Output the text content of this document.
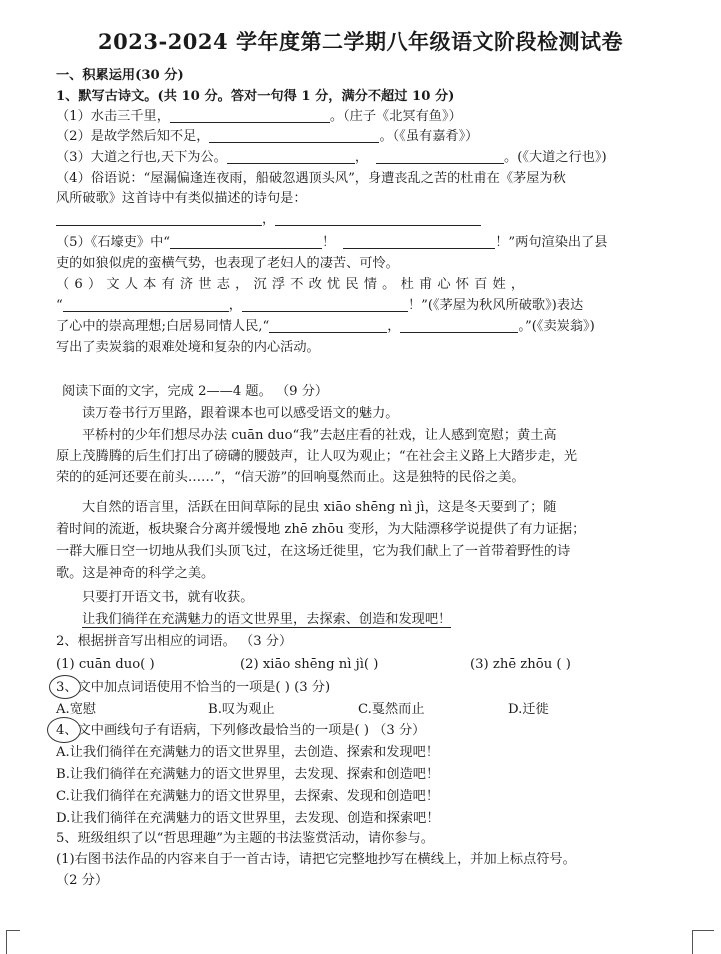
2023-2024 学年度第二学期八年级语文阶段检测试卷
一、积累运用(30 分)
1、默写古诗文。(共 10 分。答对一句得 1 分，满分不超过 10 分)
（1）水击三千里，	。（庄子《北冥有鱼》）
（2）是故学然后知不足，	。（《虽有嘉肴》）
（3）大道之行也,天下为公。	，	。(《大道之行也》)
（4）俗语说：“屋漏偏逢连夜雨，船破忽遇顶头风”，身遭丧乱之苦的杜甫在《茅屋为秋
风所破歌》这首诗中有类似描述的诗句是：
，
（5）《石壕吏》中“	！	！”两句渲染出了县
吏的如狼似虎的蛮横气势，也表现了老妇人的凄苦、可怜。
（6）文人本有济世志，沉浮不改忧民情。杜甫心怀百姓，
“	，	！”(《茅屋为秋风所破歌》)表达
了心中的崇高理想;白居易同情人民,“	，	。”(《卖炭翁》)
写出了卖炭翁的艰难处境和复杂的内心活动。
阅读下面的文字，完成 2——4 题。 （9 分）
读万卷书行万里路，跟着课本也可以感受语文的魅力。
平桥村的少年们想尽办法 cuān duo“我”去赵庄看的社戏，让人感到宽慰；黄土高
原上茂腾腾的后生们打出了磅礴的腰鼓声，让人叹为观止；“在社会主义路上大踏步走，光
荣的的延河还要在前头……”，“信天游”的回响戛然而止。这是独特的民俗之美。
大自然的语言里，活跃在田间草际的昆虫 xiāo shēng nì jì，这是冬天要到了；随
着时间的流逝，板块聚合分离并缓慢地 zhē zhōu 变形，为大陆漂移学说提供了有力证据；
一群大雁日空一切地从我们头顶飞过，在这场迁徙里，它为我们献上了一首带着野性的诗
歌。这是神奇的科学之美。
只要打开语文书，就有收获。
让我们徜徉在充满魅力的语文世界里，去探索、创造和发现吧！
2、根据拼音写出相应的词语。 （3 分）
(1) cuān duo( )	(2) xiāo shēng nì jì( )	(3) zhē zhōu ( )
3、文中加点词语使用不恰当的一项是( ) (3 分)
A.宽慰	B.叹为观止	C.戛然而止	D.迁徙
4、文中画线句子有语病，下列修改最恰当的一项是( ) （3 分）
A.让我们徜徉在充满魅力的语文世界里，去创造、探索和发现吧！
B.让我们徜徉在充满魅力的语文世界里，去发现、探索和创造吧！
C.让我们徜徉在充满魅力的语文世界里，去探索、发现和创造吧！
D.让我们徜徉在充满魅力的语文世界里，去发现、创造和探索吧！
5、班级组织了以“哲思理趣”为主题的书法鉴赏活动，请你参与。
(1)右图书法作品的内容来自于一首古诗，请把它完整地抄写在横线上，并加上标点符号。
（2 分）
